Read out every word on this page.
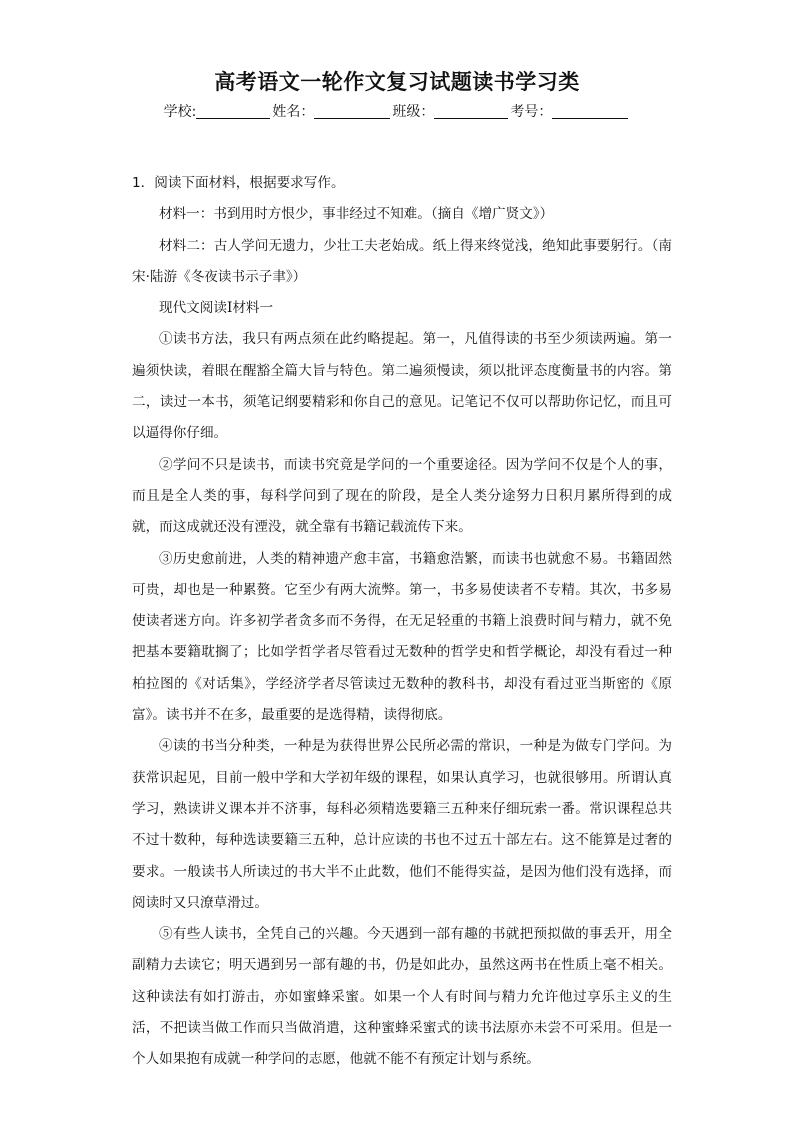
高考语文一轮作文复习试题读书学习类
学校:	姓名：	班级：	考号：

1．阅读下面材料，根据要求写作。

材料一：书到用时方恨少，事非经过不知难。（摘自《增广贤文》）

材料二：古人学问无遗力，少壮工夫老始成。纸上得来终觉浅，绝知此事要躬行。（南宋·陆游《冬夜读书示子聿》）

现代文阅读Ⅰ材料一

①读书方法，我只有两点须在此约略提起。第一，凡值得读的书至少须读两遍。第一遍须快读，着眼在醒豁全篇大旨与特色。第二遍须慢读，须以批评态度衡量书的内容。第二，读过一本书，须笔记纲要精彩和你自己的意见。记笔记不仅可以帮助你记忆，而且可以逼得你仔细。

②学问不只是读书，而读书究竟是学问的一个重要途径。因为学问不仅是个人的事，而且是全人类的事，每科学问到了现在的阶段，是全人类分途努力日积月累所得到的成就，而这成就还没有湮没，就全靠有书籍记载流传下来。

③历史愈前进，人类的精神遗产愈丰富，书籍愈浩繁，而读书也就愈不易。书籍固然可贵，却也是一种累赘。它至少有两大流弊。第一，书多易使读者不专精。其次，书多易使读者迷方向。许多初学者贪多而不务得，在无足轻重的书籍上浪费时间与精力，就不免把基本要籍耽搁了；比如学哲学者尽管看过无数种的哲学史和哲学概论，却没有看过一种柏拉图的《对话集》，学经济学者尽管读过无数种的教科书，却没有看过亚当斯密的《原富》。读书并不在多，最重要的是选得精，读得彻底。

④读的书当分种类，一种是为获得世界公民所必需的常识，一种是为做专门学问。为获常识起见，目前一般中学和大学初年级的课程，如果认真学习，也就很够用。所谓认真学习，熟读讲义课本并不济事，每科必须精选要籍三五种来仔细玩索一番。常识课程总共不过十数种，每种选读要籍三五种，总计应读的书也不过五十部左右。这不能算是过奢的要求。一般读书人所读过的书大半不止此数，他们不能得实益，是因为他们没有选择，而阅读时又只潦草滑过。

⑤有些人读书，全凭自己的兴趣。今天遇到一部有趣的书就把预拟做的事丢开，用全副精力去读它；明天遇到另一部有趣的书，仍是如此办，虽然这两书在性质上毫不相关。这种读法有如打游击，亦如蜜蜂采蜜。如果一个人有时间与精力允许他过享乐主义的生活，不把读当做工作而只当做消遣，这种蜜蜂采蜜式的读书法原亦未尝不可采用。但是一个人如果抱有成就一种学问的志愿，他就不能不有预定计划与系统。
